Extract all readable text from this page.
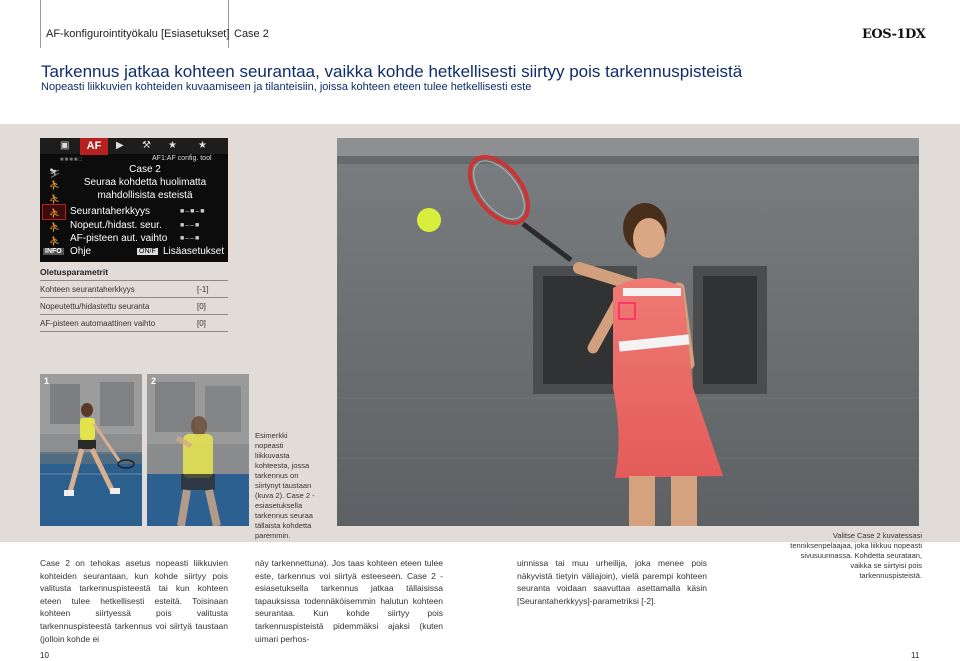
AF-konfigurointityökalu [Esiasetukset] Case 2	EOS-1DX
Tarkennus jatkaa kohteen seurantaa, vaikka kohde hetkellisesti siirtyy pois tarkennuspisteistä
Nopeasti liikkuvien kohteiden kuvaamiseen ja tilanteisiin, joissa kohteen eteen tulee hetkellisesti este
▣	AF	▶ ⚒ ★ ★
■■■■□	AF1:AF config. tool
⛷
⛹
⛹
⛹
⛹
⛹
Case 2
Seuraa kohdetta huolimatta
mahdollisista esteistä
Seurantaherkkyys	■–■–■
Nopeut./hidast. seur.	■––■
AF-pisteen aut. vaihto ■––■
INFO Ohje	ON/F Lisäasetukset
Oletusparametrit
Kohteen seurantaherkkyys	[-1]
Nopeutettu/hidastettu seuranta	[0]
AF-pisteen automaattinen vaihto	[0]
1	2
Esimerkki nopeasti liikkuvasta kohteesta, jossa tarkennus on siirtynyt taustaan (kuva 2). Case 2 -esiasetuksella tarkennus seuraa tällaista kohdetta paremmin.	Valitse Case 2 kuvatessasi tenniksenpelaajaa, joka liikkuu nopeasti sivusuunnassa. Kohdetta seurataan, vaikka se siirtyisi pois tarkennuspisteistä.
Case 2 on tehokas asetus nopeasti liikkuvien kohteiden seurantaan, kun kohde siirtyy pois valitusta tarkennuspisteestä tai kun kohteen eteen tulee hetkellisesti esteitä. Toisinaan kohteen siirtyessä pois valitusta tarkennuspisteestä tarkennus voi siirtyä taustaan (jolloin kohde ei
näy tarkennettuna). Jos taas kohteen eteen tulee este, tarkennus voi siirtyä esteeseen. Case 2 -esiasetuksella tarkennus jatkaa tällaisissa tapauksissa todennäköisemmin halutun kohteen seurantaa. Kun kohde siirtyy pois tarkennuspisteistä pidemmäksi ajaksi (kuten uimari perhos-
uinnissa tai muu urheilija, joka menee pois näkyvistä tietyin väliajoin), vielä parempi kohteen seuranta voidaan saavuttaa asettamalla käsin [Seurantaherkkyys]-parametriksi [-2].
10	11
